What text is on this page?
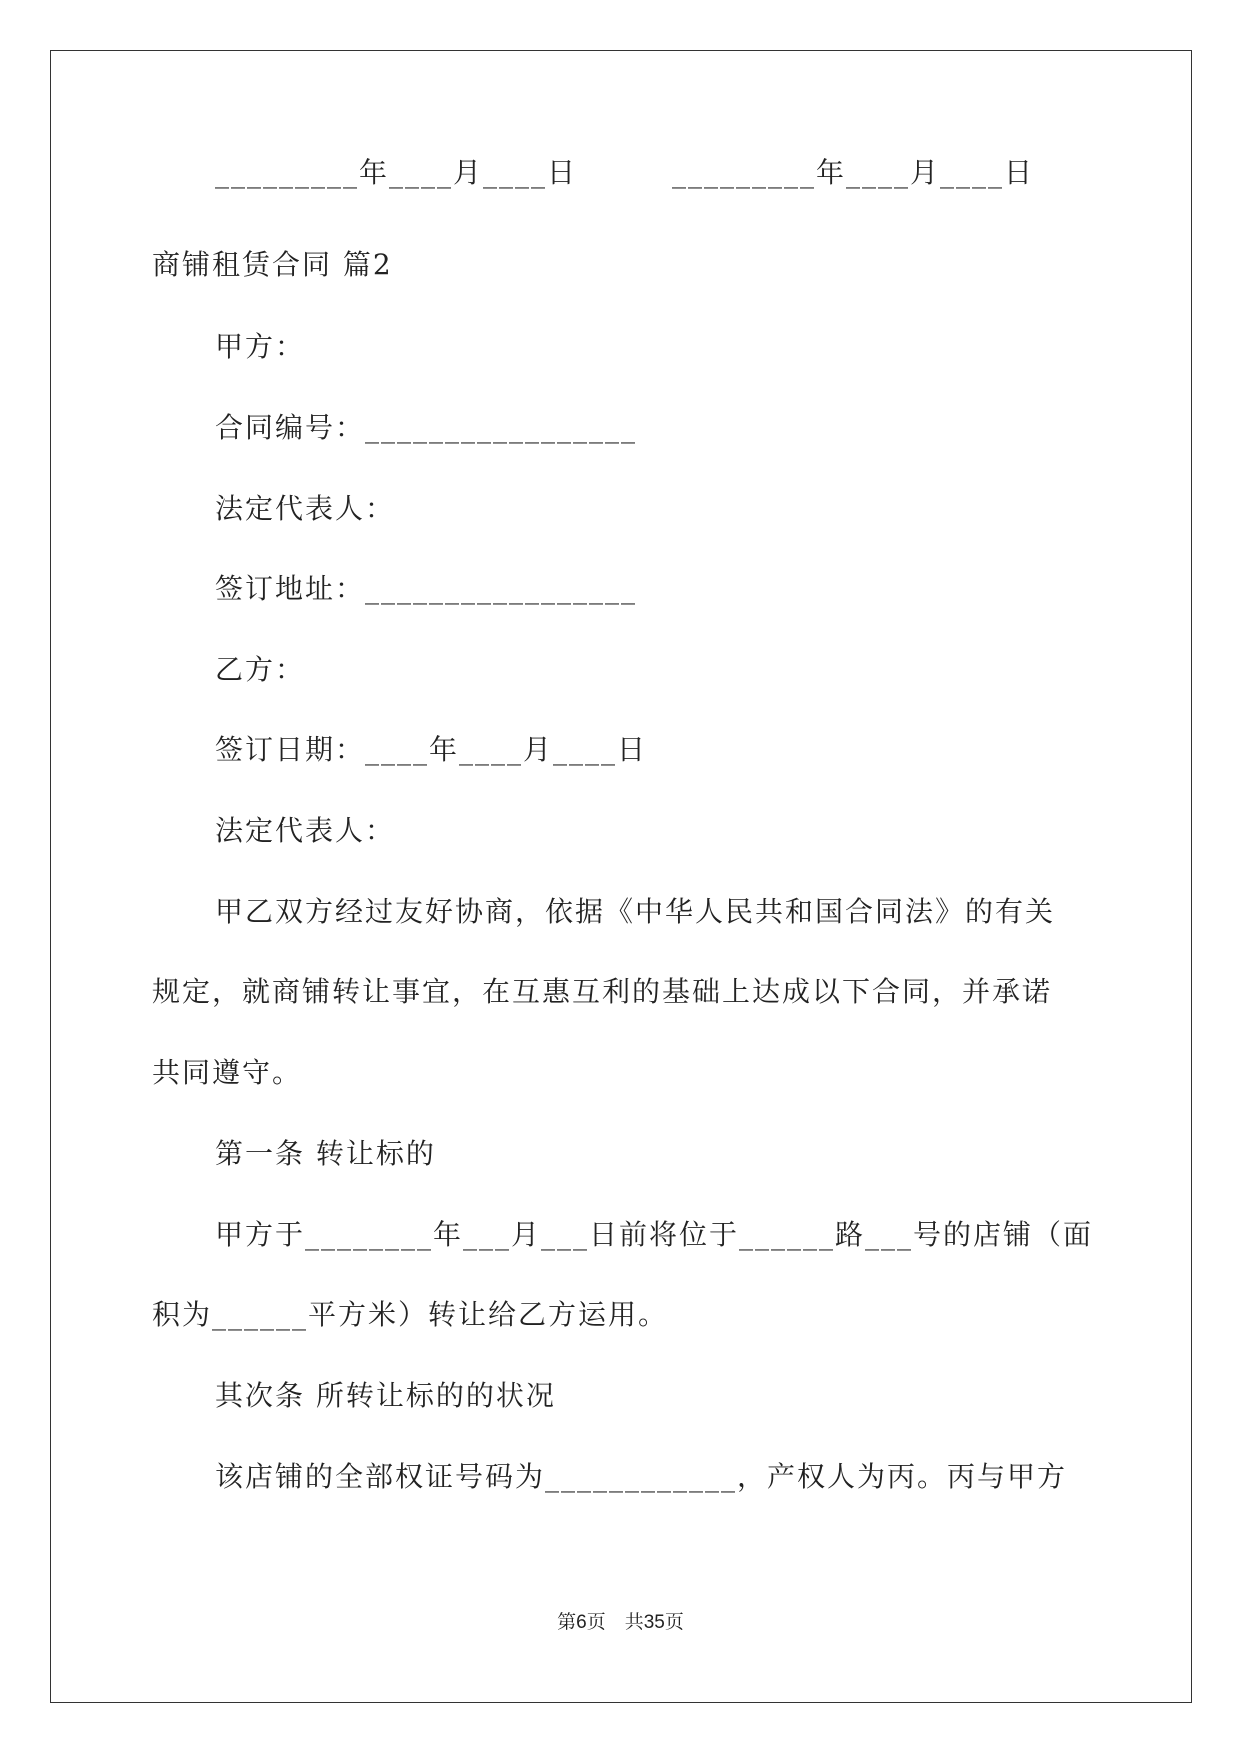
_________年____月____日	_________年____月____日
商铺租赁合同 篇2
甲方：
合同编号：_________________
法定代表人：
签订地址：_________________
乙方：
签订日期：____年____月____日
法定代表人：
甲乙双方经过友好协商，依据《中华人民共和国合同法》的有关
规定，就商铺转让事宜，在互惠互利的基础上达成以下合同，并承诺
共同遵守。
第一条 转让标的
甲方于________年___月___日前将位于______路___号的店铺（面
积为______平方米）转让给乙方运用。
其次条 所转让标的的状况
该店铺的全部权证号码为____________，产权人为丙。丙与甲方
第6页　共35页
